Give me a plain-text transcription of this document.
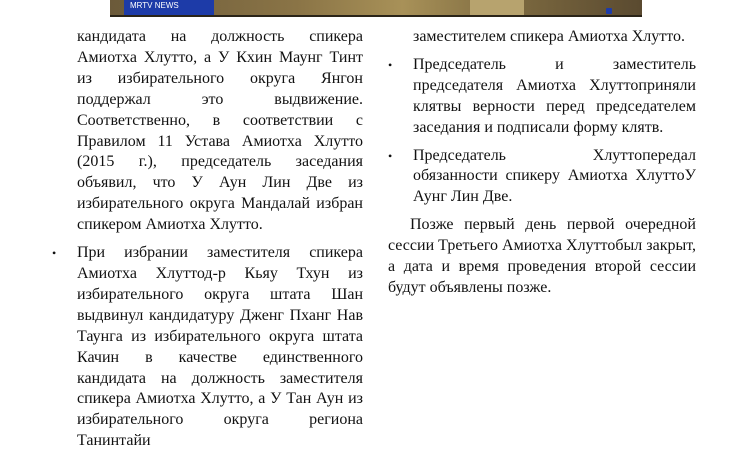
MRTV NEWS
кандидата на должность спикера Амиотха Хлутто, а У Кхин Маунг Тинт из избирательного округа Янгон поддержал это выдвижение. Соответственно, в соответствии с Правилом 11 Устава Амиотха Хлутто (2015 г.), председатель заседания объявил, что У Аун Лин Две из избирательного округа Мандалай избран спикером Амиотха Хлутто.
•
При избрании заместителя спикера Амиотха Хлуттод-р Кьяу Тхун из избирательного округа штата Шан выдвинул кандидатуру Дженг Пханг Нав Таунга из избирательного округа штата Качин в качестве единственного кандидата на должность заместителя спикера Амиотха Хлутто, а У Тан Аун из избирательного округа региона Танинтайи
заместителем спикера Амиотха Хлутто.
•
Председатель и заместитель председателя Амиотха Хлуттоприняли клятвы верности перед председателем заседания и подписали форму клятв.
•
Председатель Хлуттопередал обязанности спикеру Амиотха ХлуттоУ Аунг Лин Две.

Позже первый день первой очередной сессии Третьего Амиотха Хлуттобыл закрыт, а дата и время проведения второй сессии будут объявлены позже.
